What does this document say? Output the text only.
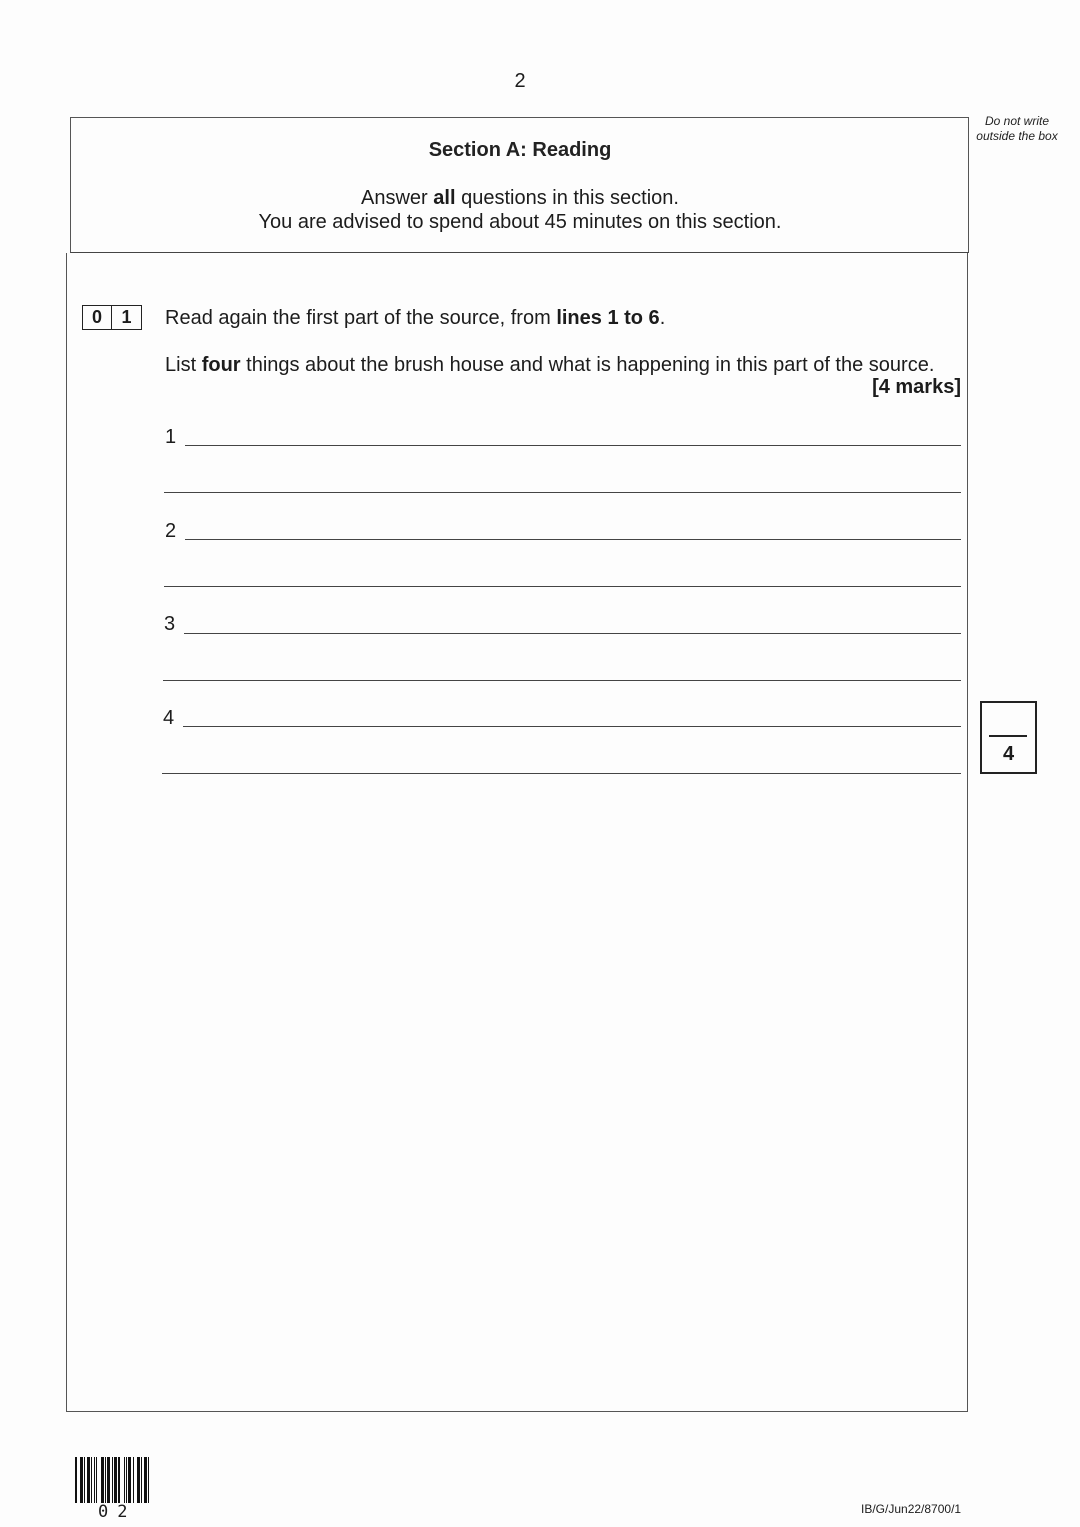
2
Do not write outside the box
Section A: Reading
Answer all questions in this section.
You are advised to spend about 45 minutes on this section.
0	1	Read again the first part of the source, from lines 1 to 6.
List four things about the brush house and what is happening in this part of the source.
[4 marks]
1
2
3
4
4
02	IB/G/Jun22/8700/1
